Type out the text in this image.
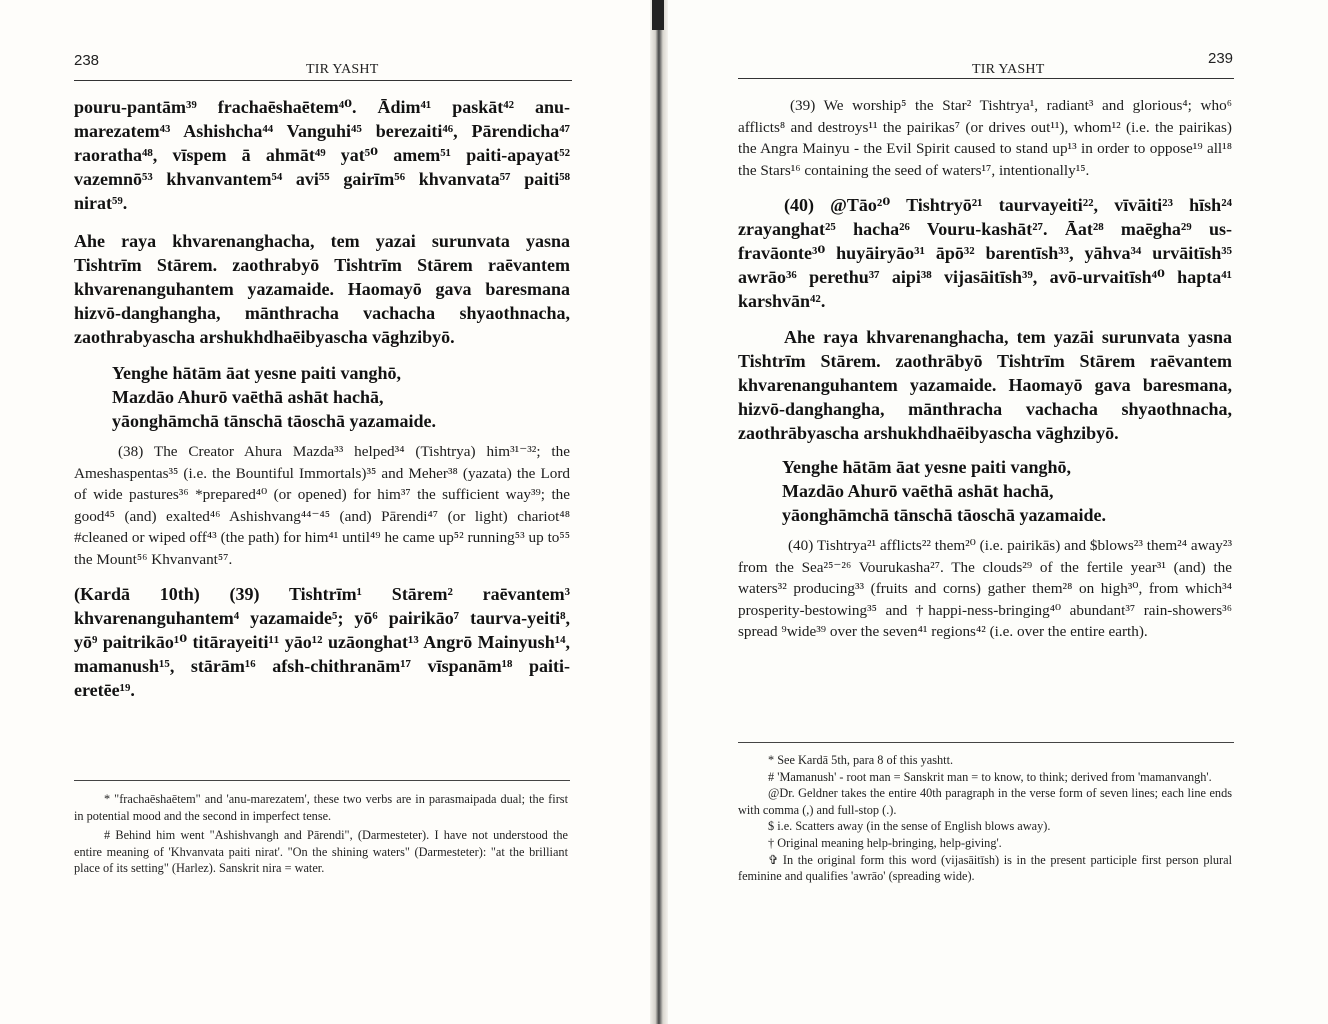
238
TIR YASHT

pouru-pantām³⁹ frachaēshaētem⁴⁰. Ādim⁴¹ paskāt⁴² anu-marezatem⁴³ Ashishcha⁴⁴ Vanguhi⁴⁵ berezaiti⁴⁶, Pārendicha⁴⁷ raoratha⁴⁸, vīspem ā ahmāt⁴⁹ yat⁵⁰ amem⁵¹ paiti-apayat⁵² vazemnō⁵³ khvanvantem⁵⁴ avi⁵⁵ gairīm⁵⁶ khvanvata⁵⁷ paiti⁵⁸ nirat⁵⁹.

Ahe raya khvarenanghacha, tem yazai surunvata yasna Tishtrīm Stārem. zaothrabyō Tishtrīm Stārem raēvantem khvarenanguhantem yazamaide. Haomayō gava baresmana hizvō-danghangha, mānthracha vachacha shyaothnacha, zaothrabyascha arshukhdhaēibyascha vāghzibyō.

Yenghe hātām āat yesne paiti vanghō,
Mazdāo Ahurō vaēthā ashāt hachā,
yāonghāmchā tānschā tāoschā yazamaide.

(38) The Creator Ahura Mazda³³ helped³⁴ (Tishtrya) him³¹⁻³²; the Ameshaspentas³⁵ (i.e. the Bountiful Immortals)³⁵ and Meher³⁸ (yazata) the Lord of wide pastures³⁶ *prepared⁴⁰ (or opened) for him³⁷ the sufficient way³⁹; the good⁴⁵ (and) exalted⁴⁶ Ashishvang⁴⁴⁻⁴⁵ (and) Pārendi⁴⁷ (or light) chariot⁴⁸ #cleaned or wiped off⁴³ (the path) for him⁴¹ until⁴⁹ he came up⁵² running⁵³ up to⁵⁵ the Mount⁵⁶ Khvanvant⁵⁷.

(Kardā 10th) (39) Tishtrīm¹ Stārem² raēvantem³ khvarenanguhantem⁴ yazamaide⁵; yō⁶ pairikāo⁷ taurva-yeiti⁸, yō⁹ paitrikāo¹⁰ titārayeiti¹¹ yāo¹² uzāonghat¹³ Angrō Mainyush¹⁴, mamanush¹⁵, stārām¹⁶ afsh-chithranām¹⁷ vīspanām¹⁸ paiti-eretēe¹⁹.

* "frachaēshaētem" and 'anu-marezatem', these two verbs are in parasmaipada dual; the first in potential mood and the second in imperfect tense.

# Behind him went "Ashishvangh and Pārendi", (Darmesteter). I have not understood the entire meaning of 'Khvanvata paiti nirat'. "On the shining waters" (Darmesteter): "at the brilliant place of its setting" (Harlez). Sanskrit nira = water.

TIR YASHT
239

(39) We worship⁵ the Star² Tishtrya¹, radiant³ and glorious⁴; who⁶ afflicts⁸ and destroys¹¹ the pairikas⁷ (or drives out¹¹), whom¹² (i.e. the pairikas) the Angra Mainyu - the Evil Spirit caused to stand up¹³ in order to oppose¹⁹ all¹⁸ the Stars¹⁶ containing the seed of waters¹⁷, intentionally¹⁵.

(40) @Tāo²⁰ Tishtryō²¹ taurvayeiti²², vīvāiti²³ hīsh²⁴ zrayanghat²⁵ hacha²⁶ Vouru-kashāt²⁷. Āat²⁸ maēgha²⁹ us-fravāonte³⁰ huyāiryāo³¹ āpō³² barentīsh³³, yāhva³⁴ urvāitīsh³⁵ awrāo³⁶ perethu³⁷ aipi³⁸ vijasāitīsh³⁹, avō-urvaitīsh⁴⁰ hapta⁴¹ karshvān⁴².

Ahe raya khvarenanghacha, tem yazāi surunvata yasna Tishtrīm Stārem. zaothrābyō Tishtrīm Stārem raēvantem khvarenanguhantem yazamaide. Haomayō gava baresmana, hizvō-danghangha, mānthracha vachacha shyaothnacha, zaothrābyascha arshukhdhaēibyascha vāghzibyō.

Yenghe hātām āat yesne paiti vanghō,
Mazdāo Ahurō vaēthā ashāt hachā,
yāonghāmchā tānschā tāoschā yazamaide.

(40) Tishtrya²¹ afflicts²² them²⁰ (i.e. pairikās) and $blows²³ them²⁴ away²³ from the Sea²⁵⁻²⁶ Vourukasha²⁷. The clouds²⁹ of the fertile year³¹ (and) the waters³² producing³³ (fruits and corns) gather them²⁸ on high³⁰, from which³⁴ prosperity-bestowing³⁵ and †happi-ness-bringing⁴⁰ abundant³⁷ rain-showers³⁶ spread ⁹wide³⁹ over the seven⁴¹ regions⁴² (i.e. over the entire earth).

* See Kardā 5th, para 8 of this yashtt.

# 'Mamanush' - root man = Sanskrit man = to know, to think; derived from 'mamanvangh'.

@Dr. Geldner takes the entire 40th paragraph in the verse form of seven lines; each line ends with comma (,) and full-stop (.).

$ i.e. Scatters away (in the sense of English blows away).

† Original meaning help-bringing, help-giving'.

✞ In the original form this word (vijasāitīsh) is in the present participle first person plural feminine and qualifies 'awrāo' (spreading wide).
